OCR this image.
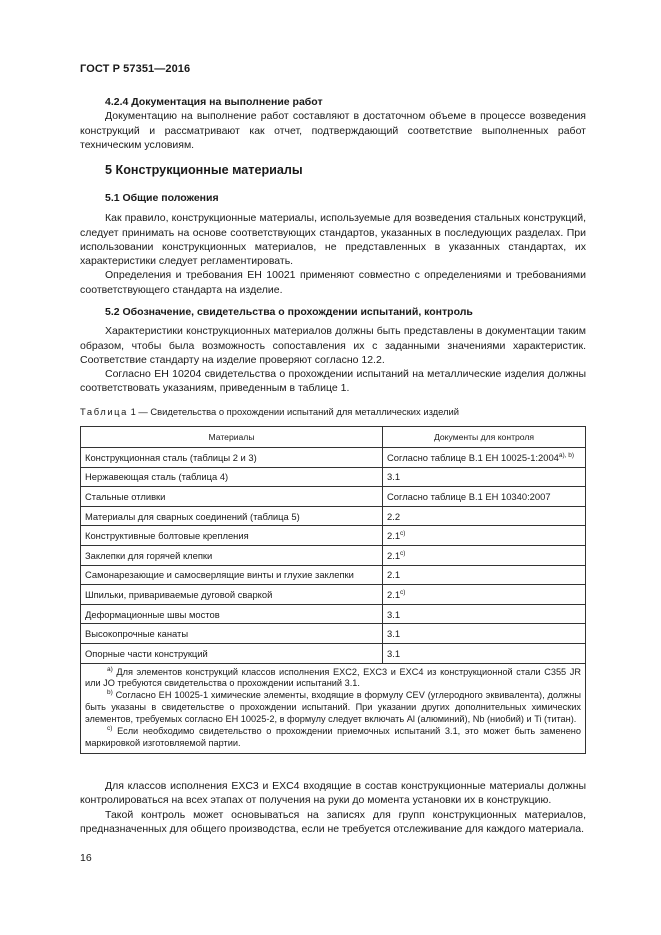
ГОСТ Р 57351—2016

4.2.4 Документация на выполнение работ

Документацию на выполнение работ составляют в достаточном объеме в процессе возведения конструкций и рассматривают как отчет, подтверждающий соответствие выполненных работ техническим условиям.

5 Конструкционные материалы

5.1 Общие положения

Как правило, конструкционные материалы, используемые для возведения стальных конструкций, следует принимать на основе соответствующих стандартов, указанных в последующих разделах. При использовании конструкционных материалов, не представленных в указанных стандартах, их характеристики следует регламентировать.

Определения и требования ЕН 10021 применяют совместно с определениями и требованиями соответствующего стандарта на изделие.

5.2 Обозначение, свидетельства о прохождении испытаний, контроль

Характеристики конструкционных материалов должны быть представлены в документации таким образом, чтобы была возможность сопоставления их с заданными значениями характеристик. Соответствие стандарту на изделие проверяют согласно 12.2.

Согласно ЕН 10204 свидетельства о прохождении испытаний на металлические изделия должны соответствовать указаниям, приведенным в таблице 1.

Таблица 1 — Свидетельства о прохождении испытаний для металлических изделий
Материалы	Документы для контроля
Конструкционная сталь (таблицы 2 и 3)	Согласно таблице В.1 ЕН $10025-1:2004^{а), b)}$
Нержавеющая сталь (таблица 4)	3.1
Стальные отливки	Согласно таблице В.1 ЕН 10340:2007
Материалы для сварных соединений (таблица 5)	2.2
Конструктивные болтовые крепления	2.1$^{c)}$
Заклепки для горячей клепки	2.1$^{c)}$
Самонарезающие и самосверлящие винты и глухие заклепки	2.1
Шпильки, привариваемые дуговой сваркой	2.1$^{c)}$
Деформационные швы мостов	3.1
Высокопрочные канаты	3.1
Опорные части конструкций	3.1

$^{а)}$ Для элементов конструкций классов исполнения EXC2, EXC3 и EXC4 из конструкционной стали С355 JR или JO требуются свидетельства о прохождении испытаний 3.1.

$^{b)}$ Согласно ЕН 10025-1 химические элементы, входящие в формулу CEV (углеродного эквивалента), должны быть указаны в свидетельстве о прохождении испытаний. При указании других дополнительных химических элементов, требуемых согласно ЕН 10025-2, в формулу следует включать Al (алюминий), Nb (ниобий) и Ti (титан).

$^{c)}$ Если необходимо свидетельство о прохождении приемочных испытаний 3.1, это может быть заменено маркировкой изготовляемой партии.	

Для классов исполнения EXC3 и EXC4 входящие в состав конструкционные материалы должны контролироваться на всех этапах от получения на руки до момента установки их в конструкцию.

Такой контроль может основываться на записях для групп конструкционных материалов, предназначенных для общего производства, если не требуется отслеживание для каждого материала.

16
